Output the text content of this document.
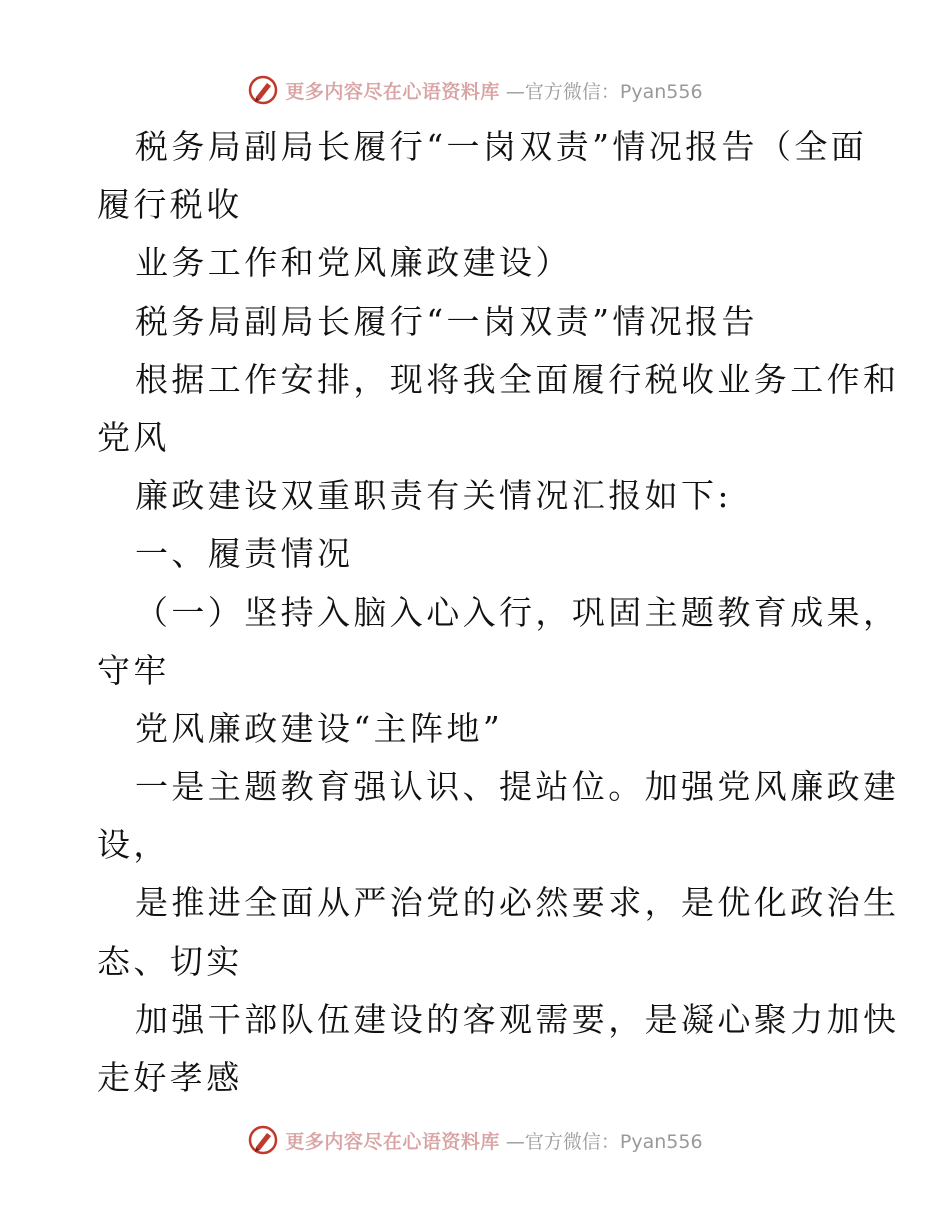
更多内容尽在心语资料库 —官方微信：Pyan556
税务局副局长履行“一岗双责”情况报告（全面
履行税收
业务工作和党风廉政建设）
税务局副局长履行“一岗双责”情况报告
根据工作安排，现将我全面履行税收业务工作和
党风
廉政建设双重职责有关情况汇报如下:
一、履责情况
（一）坚持入脑入心入行，巩固主题教育成果，
守牢
党风廉政建设“主阵地”
一是主题教育强认识、提站位。加强党风廉政建
设，
是推进全面从严治党的必然要求，是优化政治生
态、切实
加强干部队伍建设的客观需要，是凝心聚力加快
走好孝感
更多内容尽在心语资料库 —官方微信：Pyan556
